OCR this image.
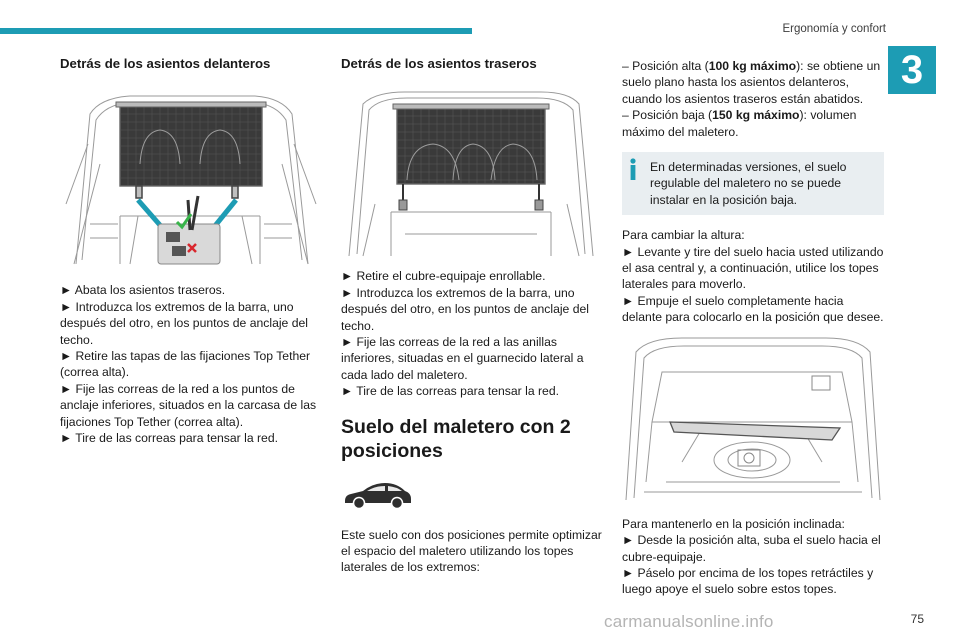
Ergonomía y confort
3
Detrás de los asientos delanteros

► Abata los asientos traseros.

► Introduzca los extremos de la barra, uno después del otro, en los puntos de anclaje del techo.

► Retire las tapas de las fijaciones Top Tether (correa alta).

► Fije las correas de la red a los puntos de anclaje inferiores, situados en la carcasa de las fijaciones Top Tether (correa alta).

► Tire de las correas para tensar la red.

Detrás de los asientos traseros

► Retire el cubre-equipaje enrollable.

► Introduzca los extremos de la barra, uno después del otro, en los puntos de anclaje del techo.

► Fije las correas de la red a las anillas inferiores, situadas en el guarnecido lateral a cada lado del maletero.

► Tire de las correas para tensar la red.

Suelo del maletero con 2 posiciones

Este suelo con dos posiciones permite optimizar el espacio del maletero utilizando los topes laterales de los extremos:

– Posición alta (100 kg máximo): se obtiene un suelo plano hasta los asientos delanteros, cuando los asientos traseros están abatidos.

– Posición baja (150 kg máximo): volumen máximo del maletero.

En determinadas versiones, el suelo regulable del maletero no se puede instalar en la posición baja.

Para cambiar la altura:

► Levante y tire del suelo hacia usted utilizando el asa central y, a continuación, utilice los topes laterales para moverlo.

► Empuje el suelo completamente hacia delante para colocarlo en la posición que desee.

Para mantenerlo en la posición inclinada:

► Desde la posición alta, suba el suelo hacia el cubre-equipaje.

► Páselo por encima de los topes retráctiles y luego apoye el suelo sobre estos topes.

carmanualsonline.info	75
